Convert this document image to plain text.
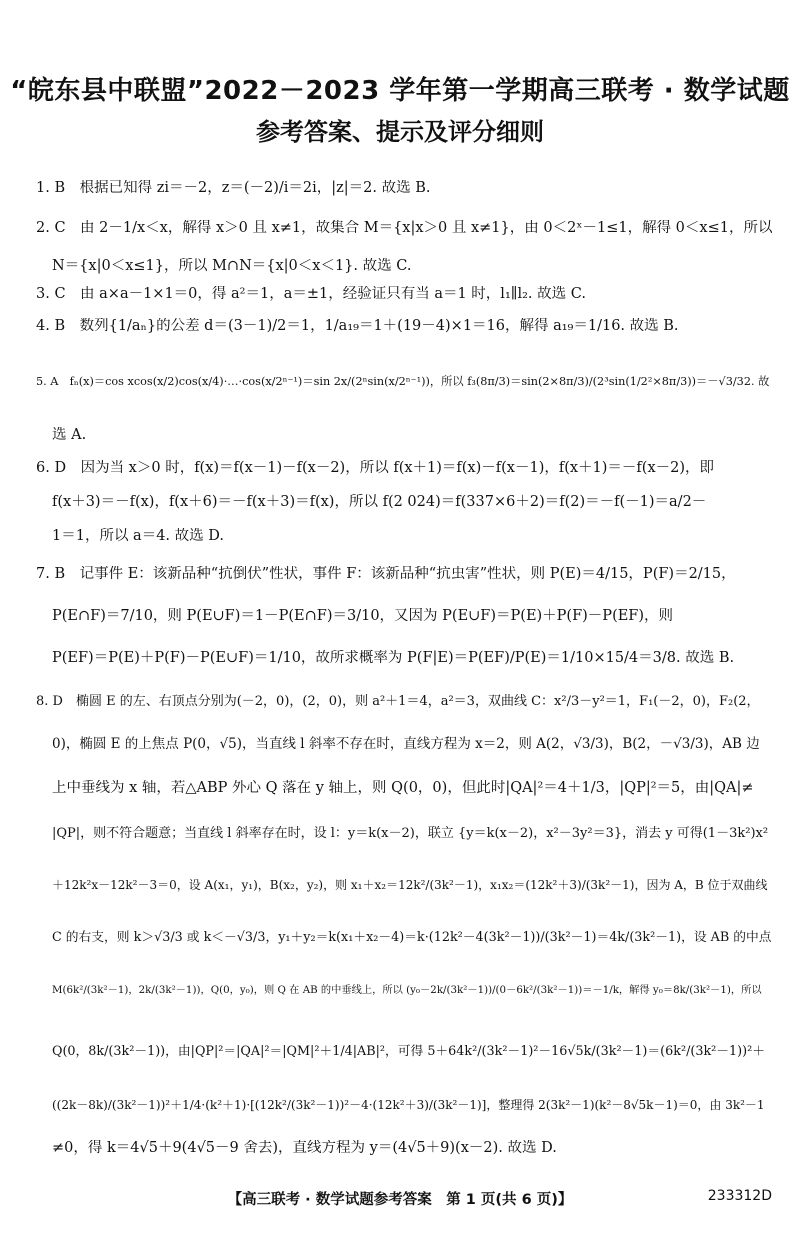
“皖东县中联盟”2022－2023 学年第一学期高三联考 · 数学试题
参考答案、提示及评分细则
1. B　根据已知得 zi＝－2，z＝(－2)/i＝2i，|z|＝2. 故选 B.
2. C　由 2－1/x＜x，解得 x＞0 且 x≠1，故集合 M＝{x|x＞0 且 x≠1}，由 0＜2ˣ－1≤1，解得 0＜x≤1，所以
N＝{x|0＜x≤1}，所以 M∩N＝{x|0＜x＜1}. 故选 C.
3. C　由 a×a－1×1＝0，得 a²＝1，a＝±1，经验证只有当 a＝1 时，l₁∥l₂. 故选 C.
4. B　数列{1/aₙ}的公差 d＝(3－1)/2＝1，1/a₁₉＝1＋(19－4)×1＝16，解得 a₁₉＝1/16. 故选 B.
5. A　fₙ(x)＝cos xcos(x/2)cos(x/4)·…·cos(x/2ⁿ⁻¹)＝sin 2x/(2ⁿsin(x/2ⁿ⁻¹))，所以 f₃(8π/3)＝sin(2×8π/3)/(2³sin(1/2²×8π/3))＝－√3/32. 故
选 A.
6. D　因为当 x＞0 时，f(x)＝f(x－1)－f(x－2)，所以 f(x＋1)＝f(x)－f(x－1)，f(x＋1)＝－f(x－2)，即
f(x＋3)＝－f(x)，f(x＋6)＝－f(x＋3)＝f(x)，所以 f(2 024)＝f(337×6＋2)＝f(2)＝－f(－1)＝a/2－
1＝1，所以 a＝4. 故选 D.
7. B　记事件 E：该新品种“抗倒伏”性状，事件 F：该新品种“抗虫害”性状，则 P(E)＝4/15，P(F)＝2/15，
P(E∩F)＝7/10，则 P(E∪F)＝1－P(E∩F)＝3/10，又因为 P(E∪F)＝P(E)＋P(F)－P(EF)，则
P(EF)＝P(E)＋P(F)－P(E∪F)＝1/10，故所求概率为 P(F|E)＝P(EF)/P(E)＝1/10×15/4＝3/8. 故选 B.
8. D　椭圆 E 的左、右顶点分别为(－2，0)，(2，0)，则 a²＋1＝4，a²＝3，双曲线 C：x²/3－y²＝1，F₁(－2，0)，F₂(2，
0)，椭圆 E 的上焦点 P(0，√5)，当直线 l 斜率不存在时，直线方程为 x＝2，则 A(2，√3/3)，B(2，－√3/3)，AB 边
上中垂线为 x 轴，若△ABP 外心 Q 落在 y 轴上，则 Q(0，0)，但此时|QA|²＝4＋1/3，|QP|²＝5，由|QA|≠
|QP|，则不符合题意；当直线 l 斜率存在时，设 l：y＝k(x－2)，联立 {y＝k(x－2)，x²－3y²＝3}，消去 y 可得(1－3k²)x²
＋12k²x－12k²－3＝0，设 A(x₁，y₁)，B(x₂，y₂)，则 x₁＋x₂＝12k²/(3k²－1)，x₁x₂＝(12k²＋3)/(3k²－1)，因为 A，B 位于双曲线
C 的右支，则 k＞√3/3 或 k＜－√3/3，y₁＋y₂＝k(x₁＋x₂－4)＝k·(12k²－4(3k²－1))/(3k²－1)＝4k/(3k²－1)，设 AB 的中点
M(6k²/(3k²－1)，2k/(3k²－1))，Q(0，y₀)，则 Q 在 AB 的中垂线上，所以 (y₀－2k/(3k²－1))/(0－6k²/(3k²－1))＝－1/k，解得 y₀＝8k/(3k²－1)，所以
Q(0，8k/(3k²－1))，由|QP|²＝|QA|²＝|QM|²＋1/4|AB|²，可得 5＋64k²/(3k²－1)²－16√5k/(3k²－1)＝(6k²/(3k²－1))²＋
((2k－8k)/(3k²－1))²＋1/4·(k²＋1)·[(12k²/(3k²－1))²－4·(12k²＋3)/(3k²－1)]，整理得 2(3k²－1)(k²－8√5k－1)＝0，由 3k²－1
≠0，得 k＝4√5＋9(4√5－9 舍去)，直线方程为 y＝(4√5＋9)(x－2). 故选 D.
【高三联考 · 数学试题参考答案　第 1 页(共 6 页)】	233312D
